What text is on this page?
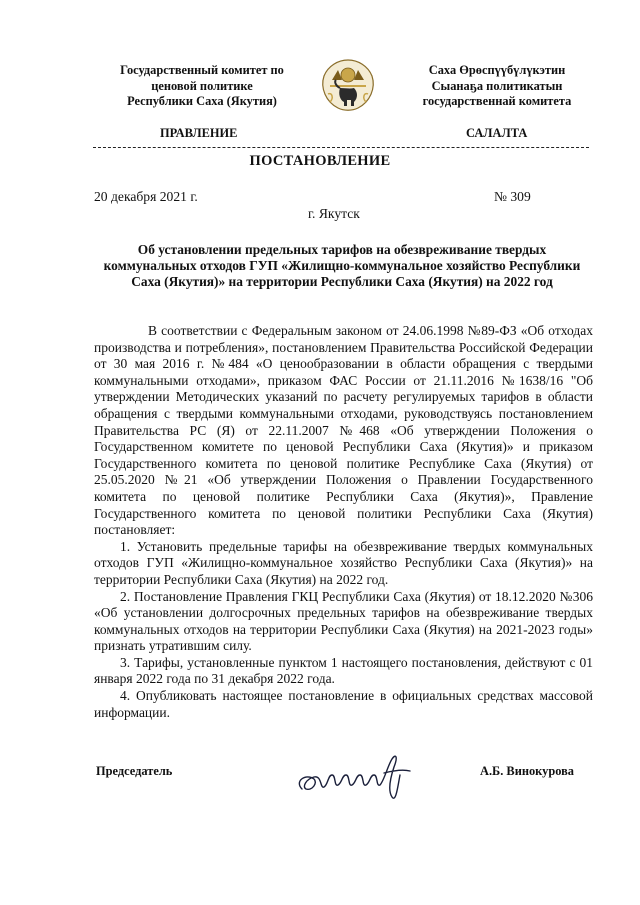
Государственный комитет по
ценовой политике
Республики Саха (Якутия)
Саха Өрөспүүбүлүкэтин
Сыанаҕа политикатын
государственнай комитета
ПРАВЛЕНИЕ	САЛАЛТА
ПОСТАНОВЛЕНИЕ
20 декабря 2021 г.	№ 309
г. Якутск
Об установлении предельных тарифов на обезвреживание твердых коммунальных отходов ГУП «Жилищно-коммунальное хозяйство Республики Саха (Якутия)» на территории Республики Саха (Якутия) на 2022 год

В соответствии с Федеральным законом от 24.06.1998 №89-ФЗ «Об отходах производства и потребления», постановлением Правительства Российской Федерации от 30 мая 2016 г. №484 «О ценообразовании в области обращения с твердыми коммунальными отходами», приказом ФАС России от 21.11.2016 №1638/16 "Об утверждении Методических указаний по расчету регулируемых тарифов в области обращения с твердыми коммунальными отходами, руководствуясь постановлением Правительства РС (Я) от 22.11.2007 №468 «Об утверждении Положения о Государственном комитете по ценовой Республики Саха (Якутия)» и приказом Государственного комитета по ценовой политике Республике Саха (Якутия) от 25.05.2020 №21 «Об утверждении Положения о Правлении Государственного комитета по ценовой политике Республики Саха (Якутия)», Правление Государственного комитета по ценовой политики Республики Саха (Якутия) постановляет:

1. Установить предельные тарифы на обезвреживание твердых коммунальных отходов ГУП «Жилищно-коммунальное хозяйство Республики Саха (Якутия)» на территории Республики Саха (Якутия) на 2022 год.

2. Постановление Правления ГКЦ Республики Саха (Якутия) от 18.12.2020 №306 «Об установлении долгосрочных предельных тарифов на обезвреживание твердых коммунальных отходов на территории Республики Саха (Якутия) на 2021-2023 годы» признать утратившим силу.

3. Тарифы, установленные пунктом 1 настоящего постановления, действуют с 01 января 2022 года по 31 декабря 2022 года.

4. Опубликовать настоящее постановление в официальных средствах массовой информации.

Председатель	А.Б. Винокурова
